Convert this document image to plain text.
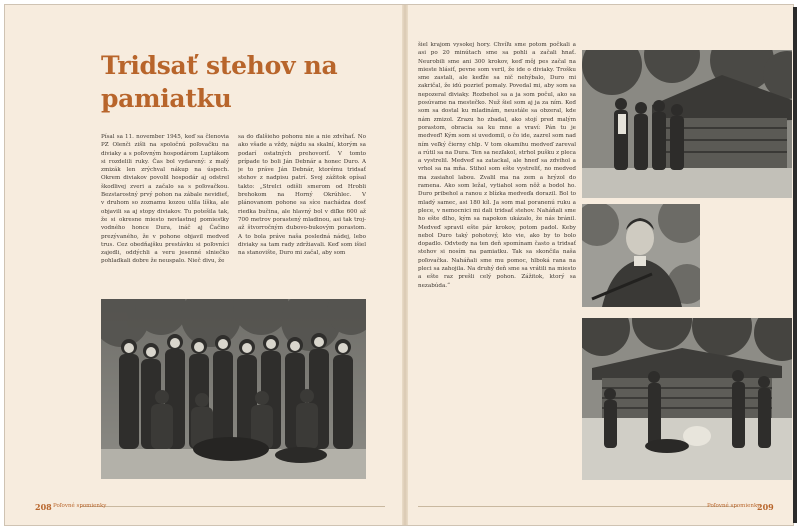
Tridsať stehov na pamiatku

Písal sa 11. november 1945, keď sa členovia PZ Olenči zišli na spoločnú poľovačku na diviaky a s poľovným hospodárom Luptákom si rozdelili ruky. Čas bol vydarený: z malý zmizák len zrýchval nákup na úspech. Okrem diviakov povolil hospodár aj odstrel škodlivej zveri a začalo sa s poľovačkou. Bezstarostný prvý pohon na zábale nevidieť, v druhom so zoznamu kozou ulila líška, ale objavili sa aj stopy diviakov. Tu potešila tak, že si okresne miesto nevlastnej pomiestky vodného honce Dura, ináč aj Čačino prezývaného, že v pohone objavil medveď trus. Cez obedňajšku prestávku si poľovníci zajedli, oddýchli a veru jesenné slniečko pohladkali dobre že neuspalo. Nieč divu, že

sa do ďalšieho pohonu nie a nie zdvíhať. No ako všade a vždy, nájdu sa skalní, ktorým sa podarí ostatných prehovoriť. V tomto prípade to boli Ján Debnár a honec Duro. A je to práve Ján Debnár, ktorému tridsať stehov z nadpisu patrí. Svoj zážitok opísal takto: „Strelci odišli smerom od Hrobli brehokom na Horný Okrúhlec. V plánovanom pohone sa síce nachádza dosť riedka bučina, ale hlavný bol v diľke 600 až 700 metrov porastený mladinou, asi tak troj- až štvorročným dubovo-bukovým porastom. A to bola práve naša posledná nádej, lebo diviaky sa tam rady zdržiavali. Keď som išiel na stanovište, Duro mi začal, aby som

šiel krajom vysokej hory. Chvíľu sme potom počkali a asi po 20 minútach sme sa pohli a začali hnať. Neurobili sme ani 300 krokov, keď môj pes začal na mieste hlásiť, pevne som veril, že ide o diviaky. Trošku sme zastali, ale keďže sa nič nehýbalo, Duro mi zakričal, že idú pozrieť pomaly. Povedal mi, aby som sa nepozeral diviaky. Rozbehol sa a ja som počul, ako sa posúvame na mestečko. Nuž šiel som aj ja za ním. Keď som sa dostal ku mladinám, neustále sa obzeral, kde nám zmizol. Zrazu ho zbadal, ako stojí pred malým porastom, obracia sa ku mne a vraví: Pán tu je medveď! Kým som si uvedomil, o čo ide, zazrel som nad ním veľký čierny chlp. V tom okamihu medveď zareval a rútil sa na Dura. Ten sa nezľakol, strhol pušku z pleca a vystrelil. Medveď sa zatackal, ale hneď sa zdvihol a vrhol sa na mňa. Stihol som ešte vystreliť, no medveď ma zasiahol labou. Zvalil ma na zem a hrýzol do ramena. Ako som ležal, vytiahol som nôž a bodol ho. Duro pribehol a ranou z blízka medveďa dorazil. Bol to mladý samec, asi 180 kíl. Ja som mal poranenú ruku a plece, v nemocnici mi dali tridsať stehov. Naháňali sme ho ešte dlho, kým sa napokon ukázalo, že nás bránil. Medveď spravil ešte pár krokov, potom padol. Keby nebol Duro taký pohotový, kto vie, ako by to bolo dopadlo. Odvtedy na ten deň spomínam často a tridsať stehov si nosím na pamiatku. Tak sa skončila naša poľovačka. Naháňali sme mu pomoc, hlboká rana na pleci sa zahojila. Na druhý deň sme sa vrátili na miesto a ešte raz prešli celý pohon. Zážitok, ktorý sa nezabúda.“

208 Poľovné spomienky	Poľovné spomienky
209
